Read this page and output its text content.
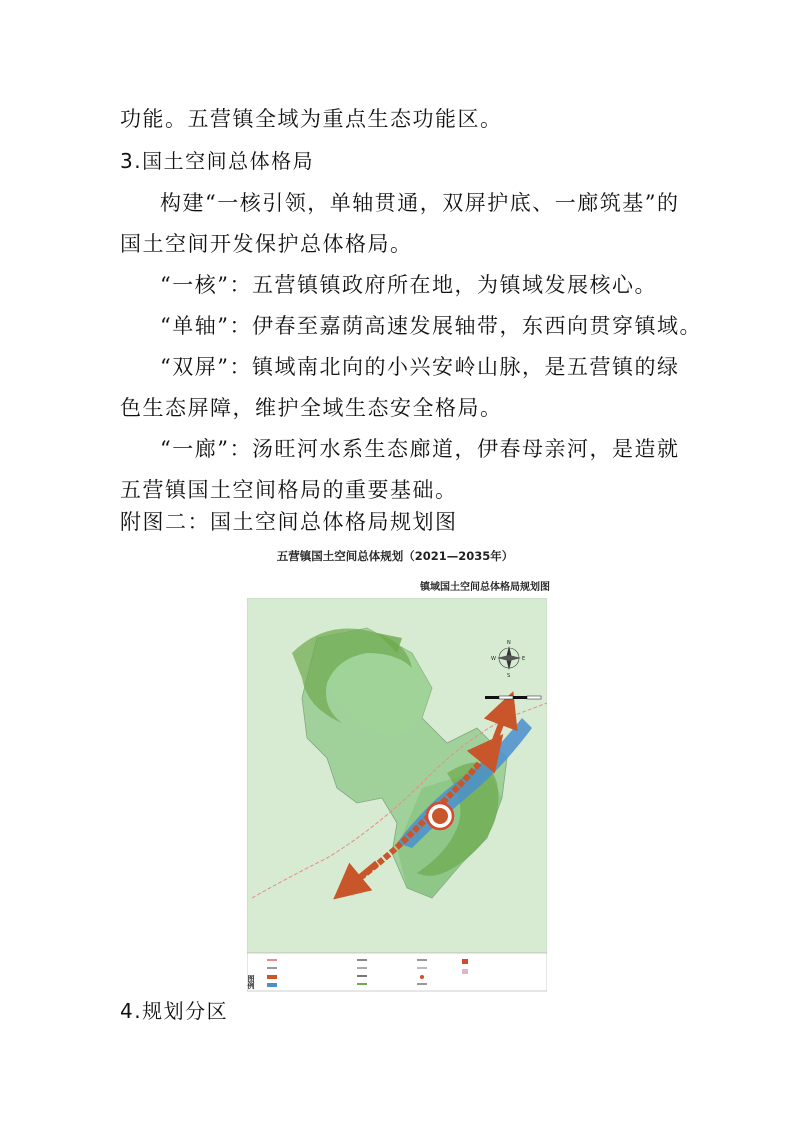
功能。五营镇全域为重点生态功能区。
3.国土空间总体格局
构建“一核引领，单轴贯通，双屏护底、一廊筑基”的
国土空间开发保护总体格局。
“一核”：五营镇镇政府所在地，为镇域发展核心。
“单轴”：伊春至嘉荫高速发展轴带，东西向贯穿镇域。
“双屏”：镇域南北向的小兴安岭山脉，是五营镇的绿
色生态屏障，维护全域生态安全格局。
“一廊”：汤旺河水系生态廊道，伊春母亲河，是造就
五营镇国土空间格局的重要基础。
附图二：国土空间总体格局规划图
五营镇国土空间总体规划（2021—2035年）
镇域国土空间总体格局规划图
N
S
W	E
图例
4.规划分区
